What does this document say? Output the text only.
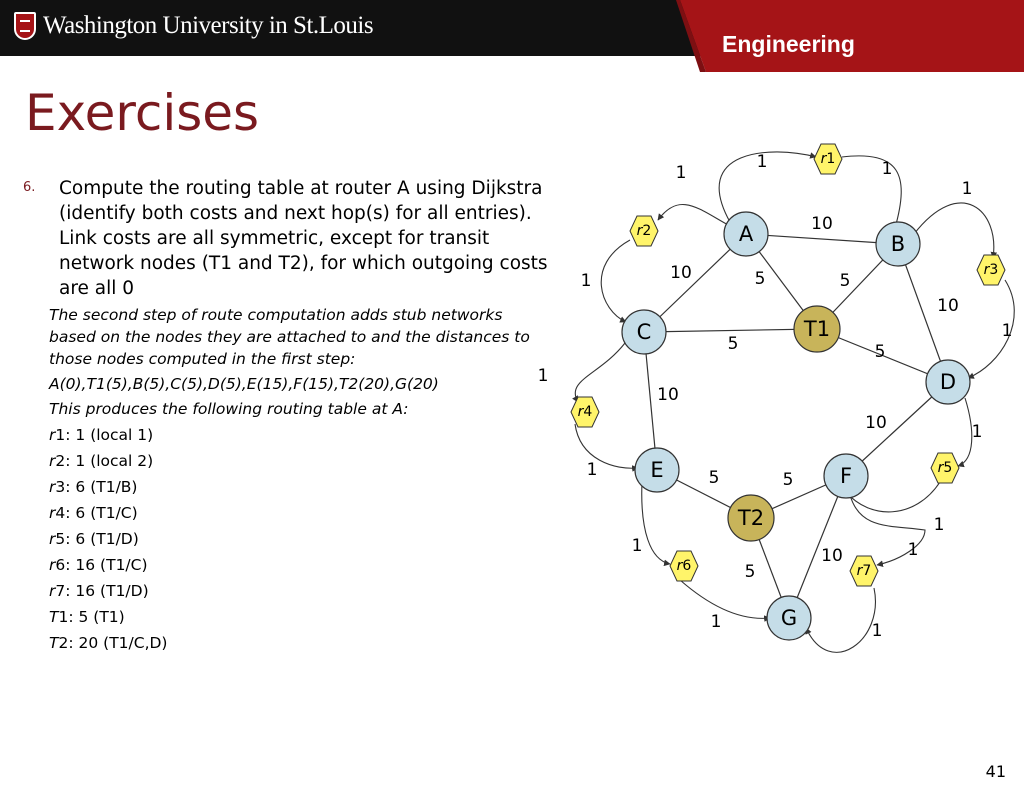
Washington University in St.Louis
Engineering
Exercises
6. Compute the routing table at router A using Dijkstra (identify both costs and next hop(s) for all entries). Link costs are all symmetric, except for transit network nodes (T1 and T2), for which outgoing costs are all 0

The second step of route computation adds stub networks based on the nodes they are attached to and the distances to those nodes computed in the first step:

A(0),T1(5),B(5),C(5),D(5),E(15),F(15),T2(20),G(20)

This produces the following routing table at A:

r1: 1 (local 1)

r2: 1 (local 2)

r3: 6 (T1/B)

r4: 6 (T1/C)

r5: 6 (T1/D)

r6: 16 (T1/C)

r7: 16 (T1/D)

T1: 5 (T1)

T2: 20 (T1/C,D)

10
10	5	5
5	5
10
10
10
5	5
5
10
1
1
1
1
1
1
1
1
1
1
1
1
1
1
A	B
C
D
E	F
G
T1
T2
r1
r2
r3
r4
r5
r6	r7
41
